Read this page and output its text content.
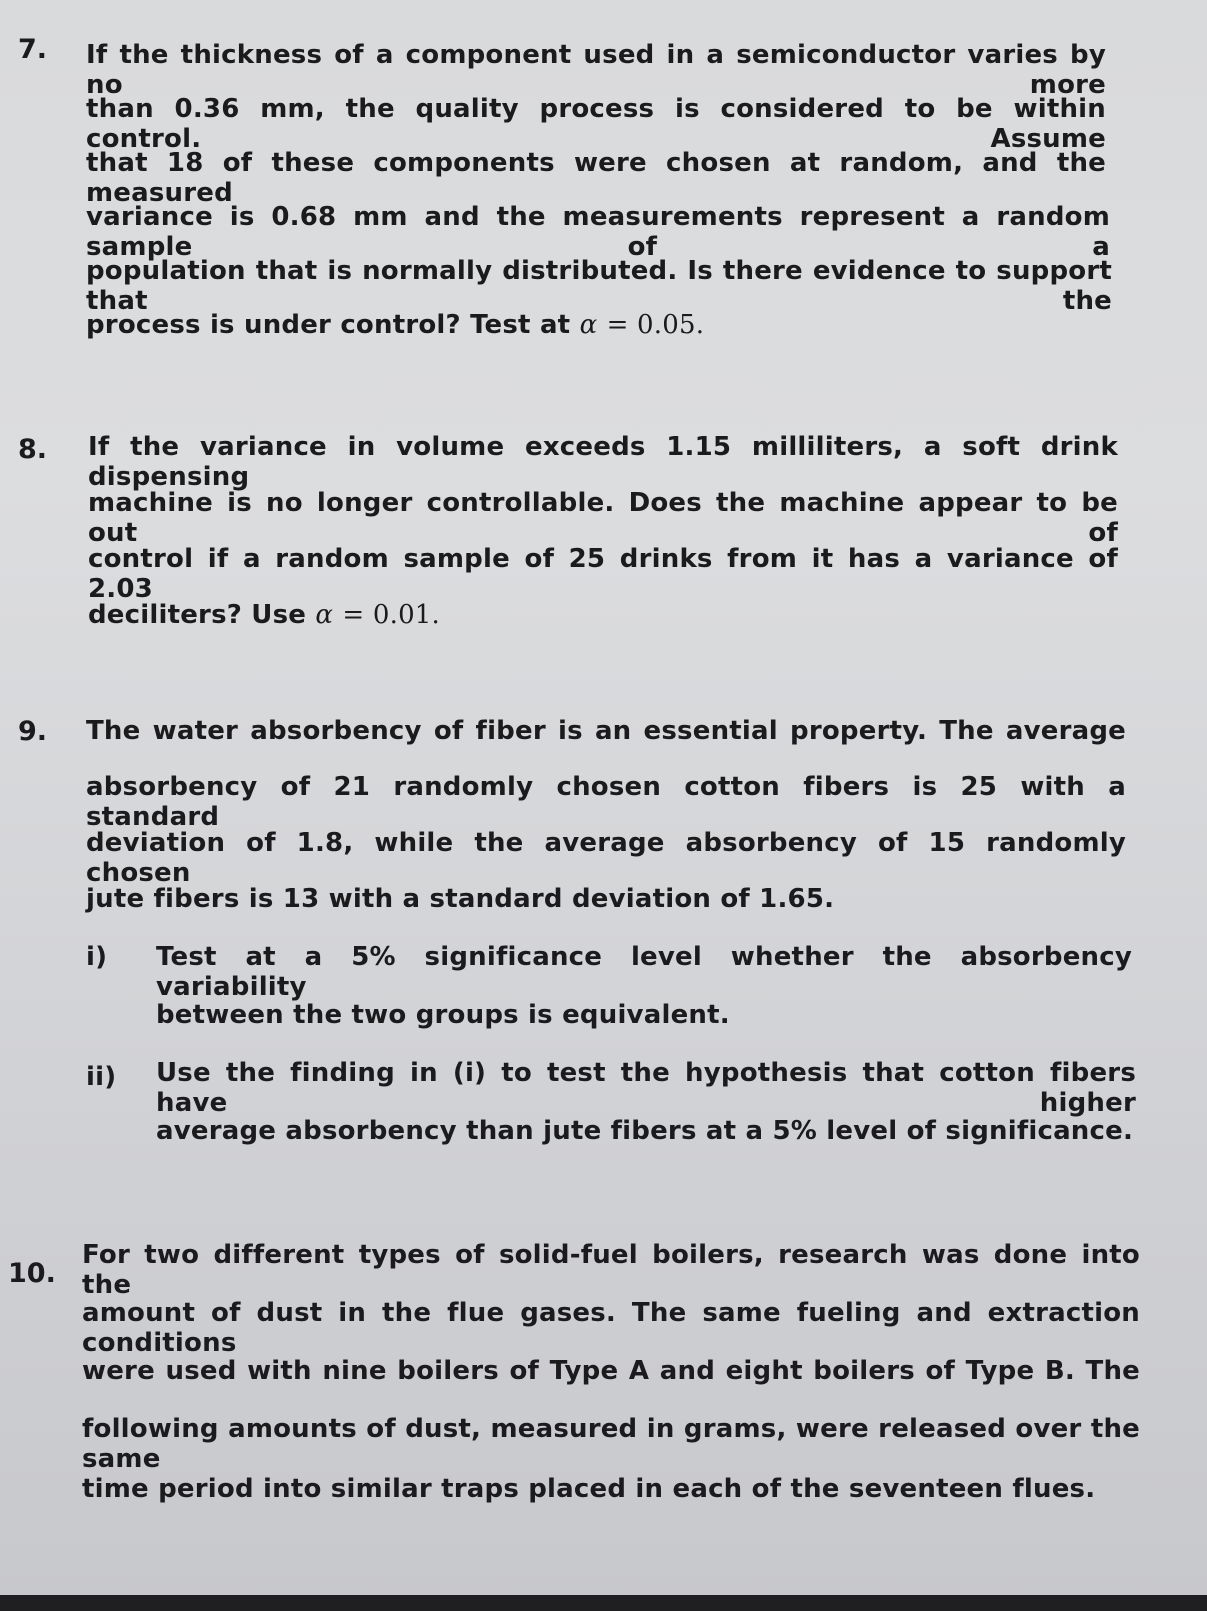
7. If the thickness of a component used in a semiconductor varies by no more
than 0.36 mm, the quality process is considered to be within control. Assume
that 18 of these components were chosen at random, and the measured
variance is 0.68 mm and the measurements represent a random sample of a
population that is normally distributed. Is there evidence to support that the
process is under control? Test at α = 0.05.
8. If the variance in volume exceeds 1.15 milliliters, a soft drink dispensing
machine is no longer controllable. Does the machine appear to be out of
control if a random sample of 25 drinks from it has a variance of 2.03
deciliters? Use α = 0.01.
9. The water absorbency of fiber is an essential property. The average
absorbency of 21 randomly chosen cotton fibers is 25 with a standard
deviation of 1.8, while the average absorbency of 15 randomly chosen
jute fibers is 13 with a standard deviation of 1.65.
i) Test at a 5% significance level whether the absorbency variability
between the two groups is equivalent.
ii) Use the finding in (i) to test the hypothesis that cotton fibers have higher
average absorbency than jute fibers at a 5% level of significance.
10.
For two different types of solid-fuel boilers, research was done into the
amount of dust in the flue gases. The same fueling and extraction conditions
were used with nine boilers of Type A and eight boilers of Type B. The
following amounts of dust, measured in grams, were released over the same
time period into similar traps placed in each of the seventeen flues.
